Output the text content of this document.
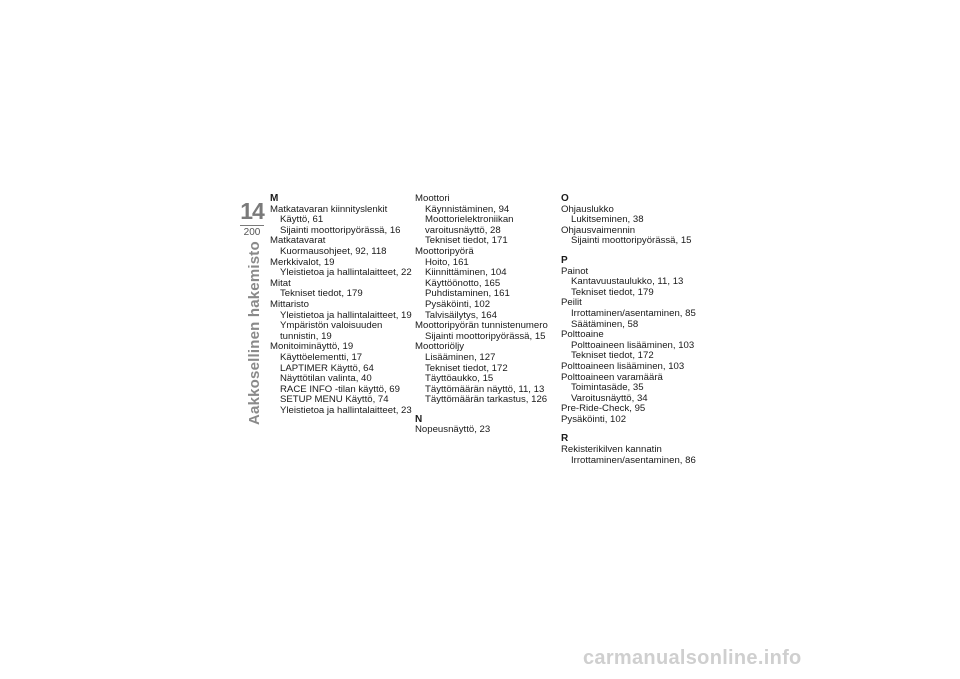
14
200
Aakkosellinen hakemisto
M
Matkatavaran kiinnityslenkit
Käyttö, 61
Sijainti moottoripyörässä, 16
Matkatavarat
Kuormausohjeet, 92, 118
Merkkivalot, 19
Yleistietoa ja hallintalaitteet, 22
Mitat
Tekniset tiedot, 179
Mittaristo
Yleistietoa ja hallintalaitteet, 19
Ympäristön valoisuuden
tunnistin, 19
Monitoiminäyttö, 19
Käyttöelementti, 17
LAPTIMER Käyttö, 64
Näyttötilan valinta, 40
RACE INFO -tilan käyttö, 69
SETUP MENU Käyttö, 74
Yleistietoa ja hallintalaitteet, 23
Moottori
Käynnistäminen, 94
Moottorielektroniikan
varoitusnäyttö, 28
Tekniset tiedot, 171
Moottoripyörä
Hoito, 161
Kiinnittäminen, 104
Käyttöönotto, 165
Puhdistaminen, 161
Pysäköinti, 102
Talvisäilytys, 164
Moottoripyörän tunnistenumero
Sijainti moottoripyörässä, 15
Moottoriöljy
Lisääminen, 127
Tekniset tiedot, 172
Täyttöaukko, 15
Täyttömäärän näyttö, 11, 13
Täyttömäärän tarkastus, 126
N
Nopeusnäyttö, 23
O
Ohjauslukko
Lukitseminen, 38
Ohjausvaimennin
Sijainti moottoripyörässä, 15
P
Painot
Kantavuustaulukko, 11, 13
Tekniset tiedot, 179
Peilit
Irrottaminen/asentaminen, 85
Säätäminen, 58
Polttoaine
Polttoaineen lisääminen, 103
Tekniset tiedot, 172
Polttoaineen lisääminen, 103
Polttoaineen varamäärä
Toimintasäde, 35
Varoitusnäyttö, 34
Pre-Ride-Check, 95
Pysäköinti, 102
R
Rekisterikilven kannatin
Irrottaminen/asentaminen, 86
carmanualsonline.info
